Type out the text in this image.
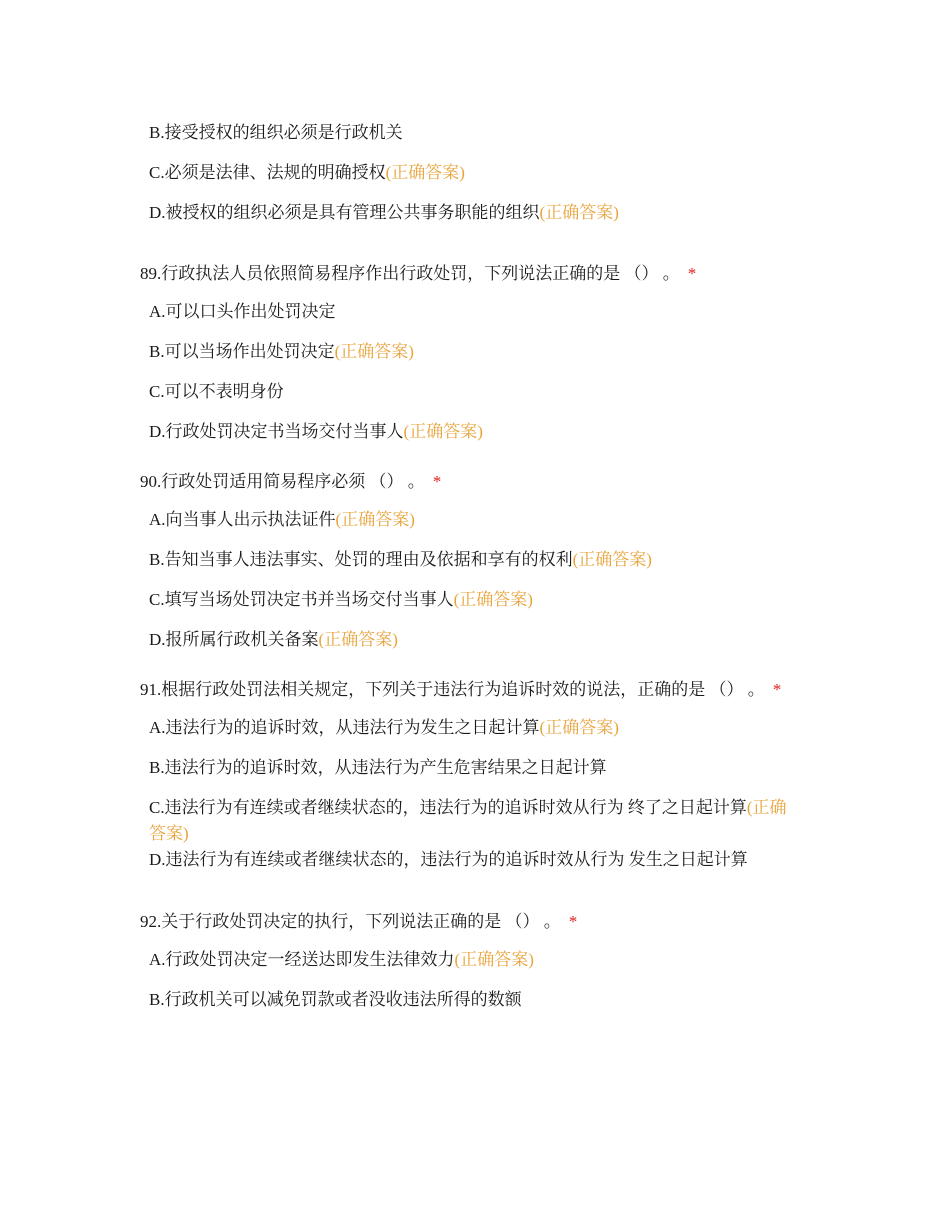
B.接受授权的组织必须是行政机关
C.必须是法律、法规的明确授权(正确答案)
D.被授权的组织必须是具有管理公共事务职能的组织(正确答案)
89.行政执法人员依照简易程序作出行政处罚，下列说法正确的是 （） 。 *
A.可以口头作出处罚决定
B.可以当场作出处罚决定(正确答案)
C.可以不表明身份
D.行政处罚决定书当场交付当事人(正确答案)
90.行政处罚适用简易程序必须 （） 。 *
A.向当事人出示执法证件(正确答案)
B.告知当事人违法事实、处罚的理由及依据和享有的权利(正确答案)
C.填写当场处罚决定书并当场交付当事人(正确答案)
D.报所属行政机关备案(正确答案)
91.根据行政处罚法相关规定，下列关于违法行为追诉时效的说法，正确的是 （） 。 *
A.违法行为的追诉时效，从违法行为发生之日起计算(正确答案)
B.违法行为的追诉时效，从违法行为产生危害结果之日起计算
C.违法行为有连续或者继续状态的，违法行为的追诉时效从行为 终了之日起计算(正确答案)
D.违法行为有连续或者继续状态的，违法行为的追诉时效从行为 发生之日起计算
92.关于行政处罚决定的执行，下列说法正确的是 （） 。 *
A.行政处罚决定一经送达即发生法律效力(正确答案)
B.行政机关可以减免罚款或者没收违法所得的数额
